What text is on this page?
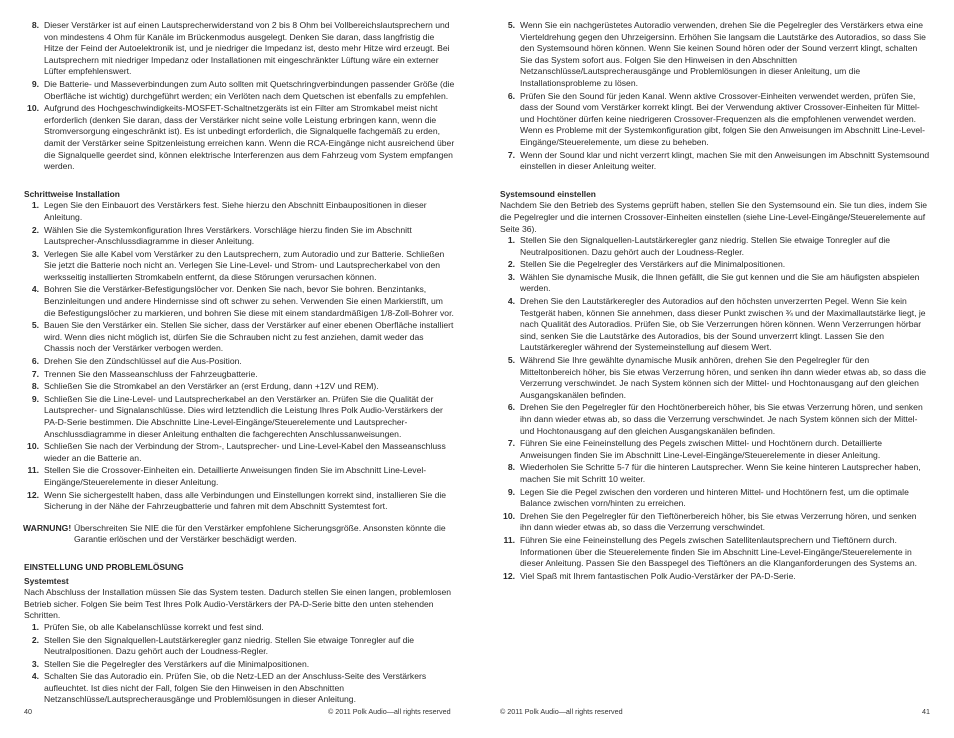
8. Dieser Verstärker ist auf einen Lautsprecherwiderstand von 2 bis 8 Ohm bei Vollbereichslautsprechern und von mindestens 4 Ohm für Kanäle im Brückenmodus ausgelegt. Denken Sie daran, dass langfristig die Hitze der Feind der Autoelektronik ist, und je niedriger die Impedanz ist, desto mehr Hitze wird erzeugt. Bei Lautsprechern mit niedriger Impedanz oder Installationen mit eingeschränkter Lüftung wäre ein externer Lüfter empfehlenswert.
9. Die Batterie- und Masseverbindungen zum Auto sollten mit Quetschringverbindungen passender Größe (die Oberfläche ist wichtig) durchgeführt werden; ein Verlöten nach dem Quetschen ist ebenfalls zu empfehlen.
10. Aufgrund des Hochgeschwindigkeits-MOSFET-Schaltnetzgeräts ist ein Filter am Stromkabel meist nicht erforderlich (denken Sie daran, dass der Verstärker nicht seine volle Leistung erbringen kann, wenn die Stromversorgung eingeschränkt ist). Es ist unbedingt erforderlich, die Signalquelle fachgemäß zu erden, damit der Verstärker seine Spitzenleistung erreichen kann. Wenn die RCA-Eingänge nicht ausreichend über die Signalquelle geerdet sind, können elektrische Interferenzen aus dem Fahrzeug vom System empfangen werden.
Schrittweise Installation
1. Legen Sie den Einbauort des Verstärkers fest. Siehe hierzu den Abschnitt Einbaupositionen in dieser Anleitung.
2. Wählen Sie die Systemkonfiguration Ihres Verstärkers. Vorschläge hierzu finden Sie im Abschnitt Lautsprecher-Anschlussdiagramme in dieser Anleitung.
3. Verlegen Sie alle Kabel vom Verstärker zu den Lautsprechern, zum Autoradio und zur Batterie. Schließen Sie jetzt die Batterie noch nicht an. Verlegen Sie Line-Level- und Strom- und Lautsprecherkabel von den werksseitig installierten Stromkabeln entfernt, da diese Störungen verursachen können.
4. Bohren Sie die Verstärker-Befestigungslöcher vor. Denken Sie nach, bevor Sie bohren. Benzintanks, Benzinleitungen und andere Hindernisse sind oft schwer zu sehen. Verwenden Sie einen Markierstift, um die Befestigungslöcher zu markieren, und bohren Sie diese mit einem standardmäßigen 1/8-Zoll-Bohrer vor.
5. Bauen Sie den Verstärker ein. Stellen Sie sicher, dass der Verstärker auf einer ebenen Oberfläche installiert wird. Wenn dies nicht möglich ist, dürfen Sie die Schrauben nicht zu fest anziehen, damit weder das Chassis noch der Verstärker verbogen werden.
6. Drehen Sie den Zündschlüssel auf die Aus-Position.
7. Trennen Sie den Masseanschluss der Fahrzeugbatterie.
8. Schließen Sie die Stromkabel an den Verstärker an (erst Erdung, dann +12V und REM).
9. Schließen Sie die Line-Level- und Lautsprecherkabel an den Verstärker an. Prüfen Sie die Qualität der Lautsprecher- und Signalanschlüsse. Dies wird letztendlich die Leistung Ihres Polk Audio-Verstärkers der PA-D-Serie bestimmen. Die Abschnitte Line-Level-Eingänge/Steuerelemente und Lautsprecher-Anschlussdiagramme in dieser Anleitung enthalten die fachgerechten Anschlussanweisungen.
10. Schließen Sie nach der Verbindung der Strom-, Lautsprecher- und Line-Level-Kabel den Masseanschluss wieder an die Batterie an.
11. Stellen Sie die Crossover-Einheiten ein. Detaillierte Anweisungen finden Sie im Abschnitt Line-Level-Eingänge/Steuerelemente in dieser Anleitung.
12. Wenn Sie sichergestellt haben, dass alle Verbindungen und Einstellungen korrekt sind, installieren Sie die Sicherung in der Nähe der Fahrzeugbatterie und fahren mit dem Abschnitt Systemtest fort.
WARNUNG! Überschreiten Sie NIE die für den Verstärker empfohlene Sicherungsgröße. Ansonsten könnte die Garantie erlöschen und der Verstärker beschädigt werden.
EINSTELLUNG UND PROBLEMLÖSUNG
Systemtest

Nach Abschluss der Installation müssen Sie das System testen. Dadurch stellen Sie einen langen, problemlosen Betrieb sicher. Folgen Sie beim Test Ihres Polk Audio-Verstärkers der PA-D-Serie bitte den unten stehenden Schritten.

1. Prüfen Sie, ob alle Kabelanschlüsse korrekt und fest sind.
2. Stellen Sie den Signalquellen-Lautstärkeregler ganz niedrig. Stellen Sie etwaige Tonregler auf die Neutralpositionen. Dazu gehört auch der Loudness-Regler.
3. Stellen Sie die Pegelregler des Verstärkers auf die Minimalpositionen.
4. Schalten Sie das Autoradio ein. Prüfen Sie, ob die Netz-LED an der Anschluss-Seite des Verstärkers aufleuchtet. Ist dies nicht der Fall, folgen Sie den Hinweisen in den Abschnitten Netzanschlüsse/Lautsprecherausgänge und Problemlösungen in dieser Anleitung.
5. Wenn Sie ein nachgerüstetes Autoradio verwenden, drehen Sie die Pegelregler des Verstärkers etwa eine Vierteldrehung gegen den Uhrzeigersinn. Erhöhen Sie langsam die Lautstärke des Autoradios, so dass Sie den Systemsound hören können. Wenn Sie keinen Sound hören oder der Sound verzerrt klingt, schalten Sie das System sofort aus. Folgen Sie den Hinweisen in den Abschnitten Netzanschlüsse/Lautsprecherausgänge und Problemlösungen in dieser Anleitung, um die Installationsprobleme zu lösen.
6. Prüfen Sie den Sound für jeden Kanal. Wenn aktive Crossover-Einheiten verwendet werden, prüfen Sie, dass der Sound vom Verstärker korrekt klingt. Bei der Verwendung aktiver Crossover-Einheiten für Mittel- und Hochtöner dürfen keine niedrigeren Crossover-Frequenzen als die empfohlenen verwendet werden. Wenn es Probleme mit der Systemkonfiguration gibt, folgen Sie den Anweisungen im Abschnitt Line-Level-Eingänge/Steuerelemente, um diese zu beheben.
7. Wenn der Sound klar und nicht verzerrt klingt, machen Sie mit den Anweisungen im Abschnitt Systemsound einstellen in dieser Anleitung weiter.
Systemsound einstellen

Nachdem Sie den Betrieb des Systems geprüft haben, stellen Sie den Systemsound ein. Sie tun dies, indem Sie die Pegelregler und die internen Crossover-Einheiten einstellen (siehe Line-Level-Eingänge/Steuerelemente auf Seite 36).

1. Stellen Sie den Signalquellen-Lautstärkeregler ganz niedrig. Stellen Sie etwaige Tonregler auf die Neutralpositionen. Dazu gehört auch der Loudness-Regler.
2. Stellen Sie die Pegelregler des Verstärkers auf die Minimalpositionen.
3. Wählen Sie dynamische Musik, die Ihnen gefällt, die Sie gut kennen und die Sie am häufigsten abspielen werden.
4. Drehen Sie den Lautstärkeregler des Autoradios auf den höchsten unverzerrten Pegel. Wenn Sie kein Testgerät haben, können Sie annehmen, dass dieser Punkt zwischen ¾ und der Maximallautstärke liegt, je nach Qualität des Autoradios. Prüfen Sie, ob Sie Verzerrungen hören können. Wenn Verzerrungen hörbar sind, senken Sie die Lautstärke des Autoradios, bis der Sound unverzerrt klingt. Lassen Sie den Lautstärkeregler während der Systemeinstellung auf diesem Wert.
5. Während Sie Ihre gewählte dynamische Musik anhören, drehen Sie den Pegelregler für den Mitteltonbereich höher, bis Sie etwas Verzerrung hören, und senken ihn dann wieder etwas ab, so dass die Verzerrung verschwindet. Je nach System können sich der Mittel- und Hochtonausgang auf den gleichen Ausgangskanälen befinden.
6. Drehen Sie den Pegelregler für den Hochtönerbereich höher, bis Sie etwas Verzerrung hören, und senken ihn dann wieder etwas ab, so dass die Verzerrung verschwindet. Je nach System können sich der Mittel- und Hochtonausgang auf den gleichen Ausgangskanälen befinden.
7. Führen Sie eine Feineinstellung des Pegels zwischen Mittel- und Hochtönern durch. Detaillierte Anweisungen finden Sie im Abschnitt Line-Level-Eingänge/Steuerelemente in dieser Anleitung.
8. Wiederholen Sie Schritte 5-7 für die hinteren Lautsprecher. Wenn Sie keine hinteren Lautsprecher haben, machen Sie mit Schritt 10 weiter.
9. Legen Sie die Pegel zwischen den vorderen und hinteren Mittel- und Hochtönern fest, um die optimale Balance zwischen vorn/hinten zu erreichen.
10. Drehen Sie den Pegelregler für den Tieftönerbereich höher, bis Sie etwas Verzerrung hören, und senken ihn dann wieder etwas ab, so dass die Verzerrung verschwindet.
11. Führen Sie eine Feineinstellung des Pegels zwischen Satellitenlautsprechern und Tieftönern durch. Informationen über die Steuerelemente finden Sie im Abschnitt Line-Level-Eingänge/Steuerelemente in dieser Anleitung. Passen Sie den Basspegel des Tieftöners an die Klanganforderungen des Systems an.
12. Viel Spaß mit Ihrem fantastischen Polk Audio-Verstärker der PA-D-Serie.
40	© 2011 Polk Audio—all rights reserved	© 2011 Polk Audio—all rights reserved	41
